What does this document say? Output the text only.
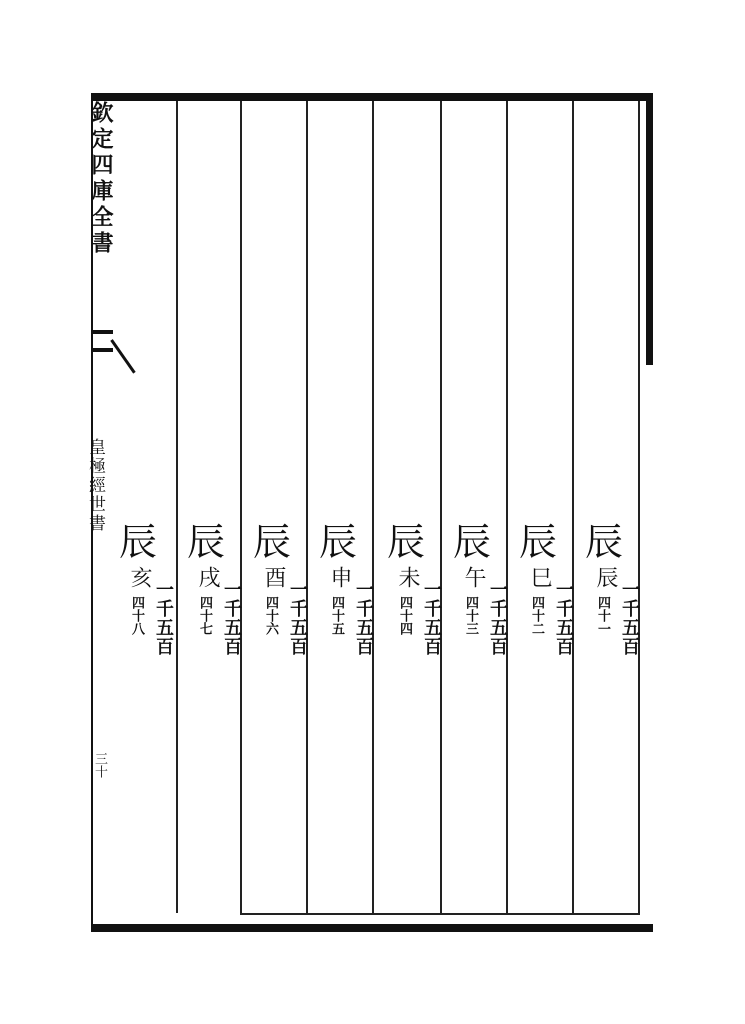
欽定四庫全書
皇極經世書
三十
辰
辰
一千五百
四十一
辰
巳
一千五百
四十二
辰
午
一千五百
四十三
辰
未
一千五百
四十四
辰
申
一千五百
四十五
辰
酉
一千五百
四十六
辰
戌
一千五百
四十七
辰
亥
一千五百
四十八
